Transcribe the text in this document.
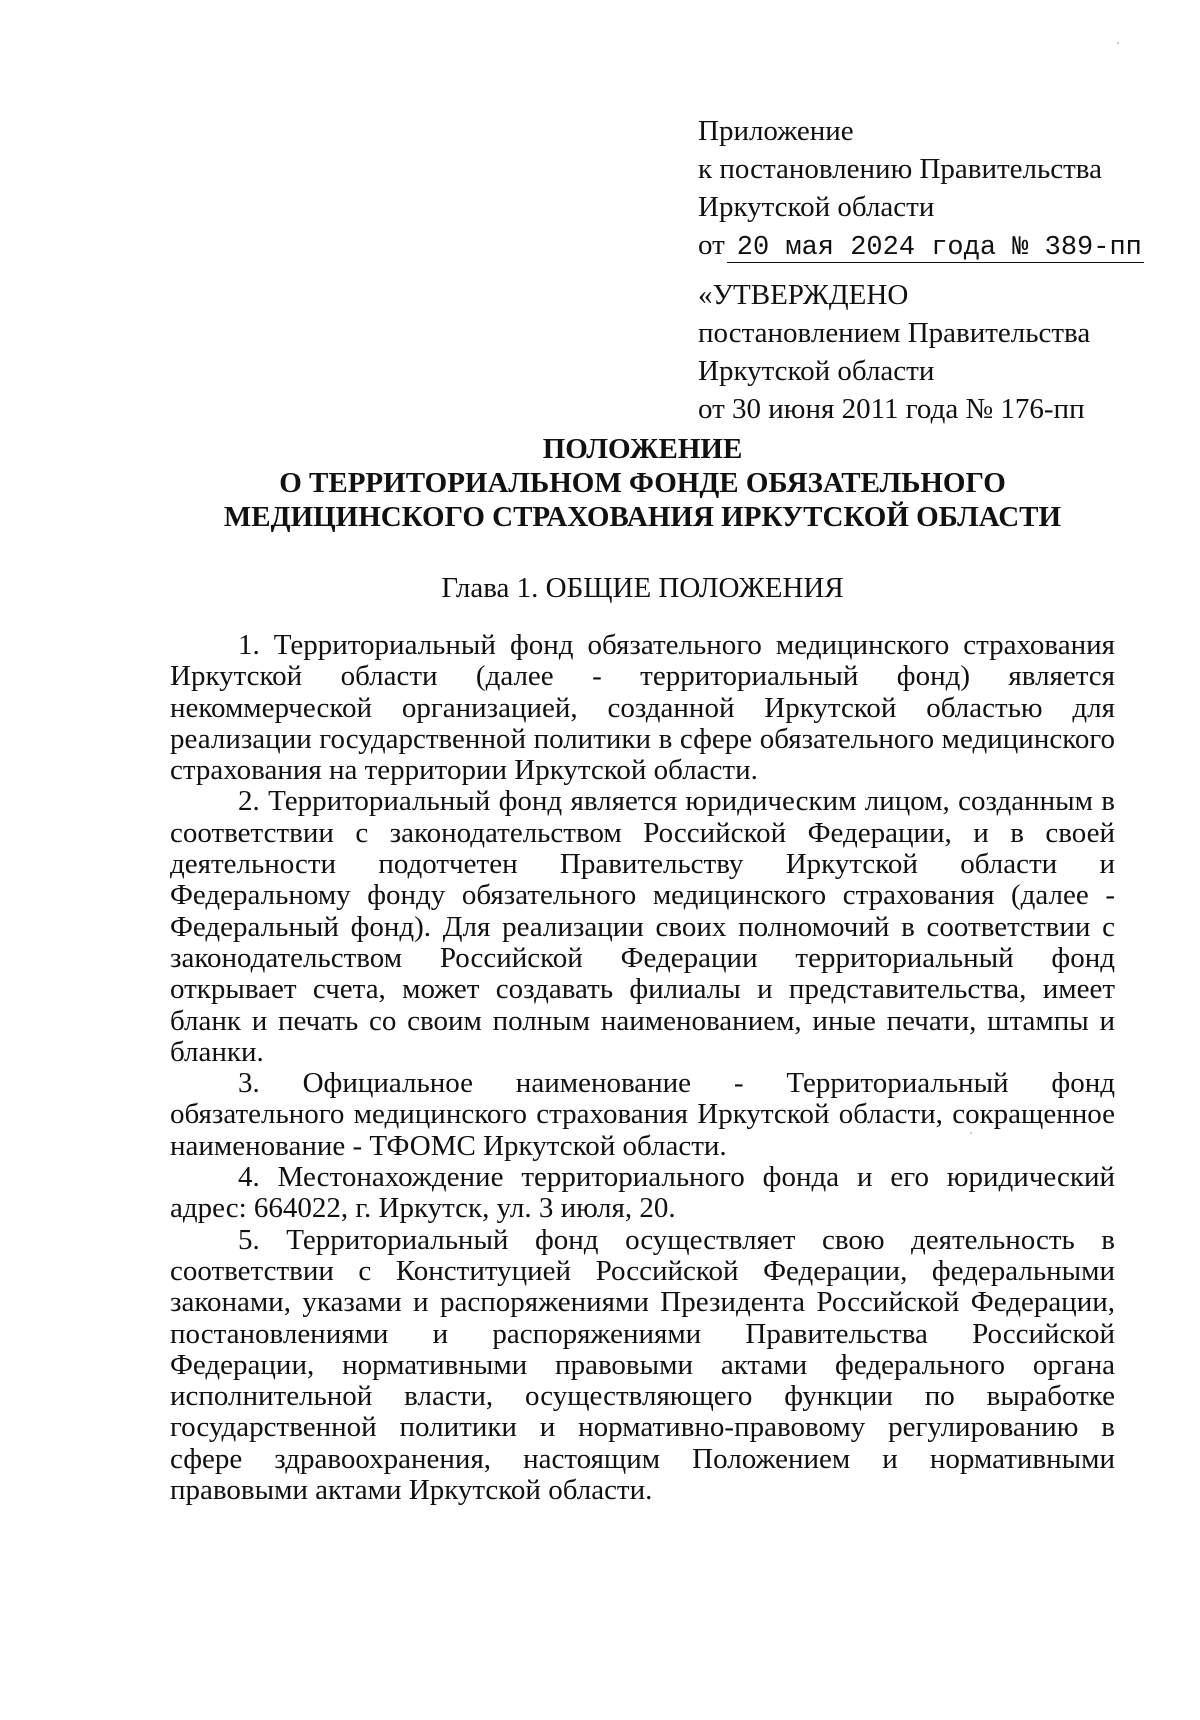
Приложение
к постановлению Правительства
Иркутской области
от 20 мая 2024 года № 389-пп
«УТВЕРЖДЕНО
постановлением Правительства
Иркутской области
от 30 июня 2011 года № 176-пп
ПОЛОЖЕНИЕ
О ТЕРРИТОРИАЛЬНОМ ФОНДЕ ОБЯЗАТЕЛЬНОГО
МЕДИЦИНСКОГО СТРАХОВАНИЯ ИРКУТСКОЙ ОБЛАСТИ
Глава 1. ОБЩИЕ ПОЛОЖЕНИЯ

1. Территориальный фонд обязательного медицинского страхования Иркутской области (далее - территориальный фонд) является некоммерческой организацией, созданной Иркутской областью для реализации государственной политики в сфере обязательного медицинского страхования на территории Иркутской области.

2. Территориальный фонд является юридическим лицом, созданным в соответствии с законодательством Российской Федерации, и в своей деятельности подотчетен Правительству Иркутской области и Федеральному фонду обязательного медицинского страхования (далее - Федеральный фонд). Для реализации своих полномочий в соответствии с законодательством Российской Федерации территориальный фонд открывает счета, может создавать филиалы и представительства, имеет бланк и печать со своим полным наименованием, иные печати, штампы и бланки.

3. Официальное наименование - Территориальный фонд обязательного медицинского страхования Иркутской области, сокращенное наименование - ТФОМС Иркутской области.

4. Местонахождение территориального фонда и его юридический адрес: 664022, г. Иркутск, ул. 3 июля, 20.

5. Территориальный фонд осуществляет свою деятельность в соответствии с Конституцией Российской Федерации, федеральными законами, указами и распоряжениями Президента Российской Федерации, постановлениями и распоряжениями Правительства Российской Федерации, нормативными правовыми актами федерального органа исполнительной власти, осуществляющего функции по выработке государственной политики и нормативно-правовому регулированию в сфере здравоохранения, настоящим Положением и нормативными правовыми актами Иркутской области.
